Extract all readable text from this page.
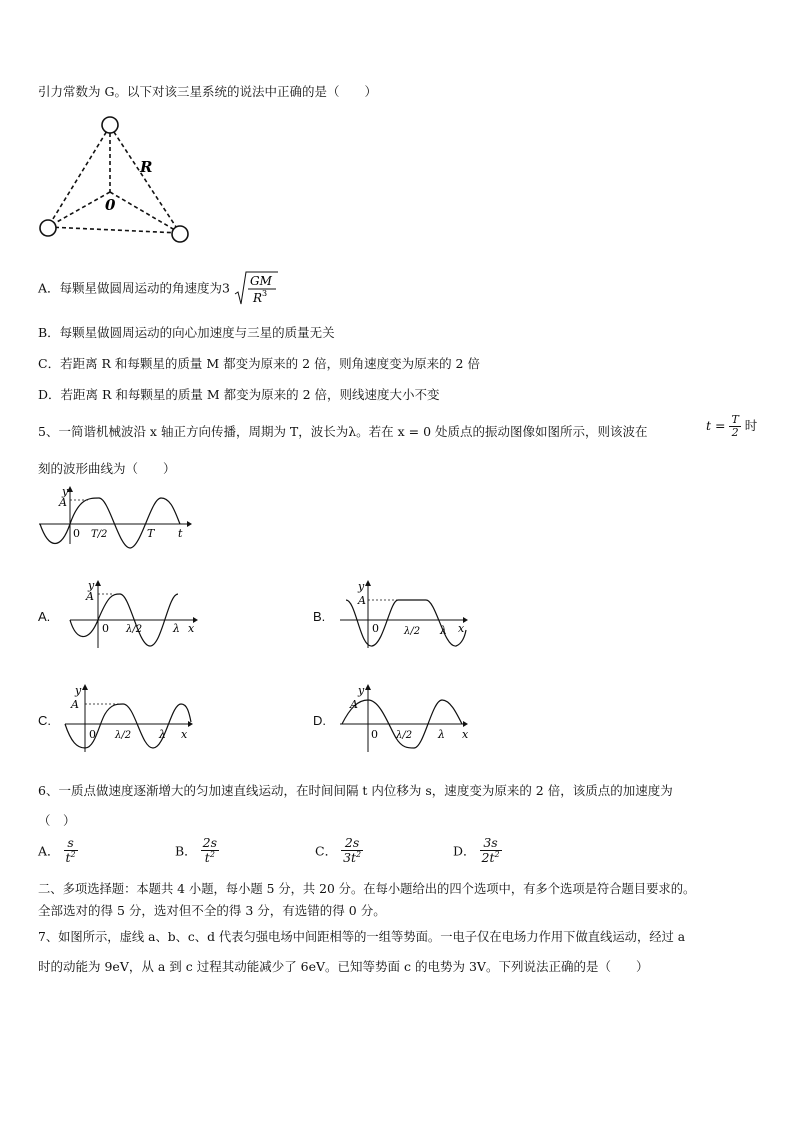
引力常数为 G。以下对该三星系统的说法中正确的是（　　）
R
0
A．每颗星做圆周运动的角速度为3 GM
R 3
B．每颗星做圆周运动的向心加速度与三星的质量无关
C．若距离 R 和每颗星的质量 M 都变为原来的 2 倍，则角速度变为原来的 2 倍
D．若距离 R 和每颗星的质量 M 都变为原来的 2 倍，则线速度大小不变
5、一简谐机械波沿 x 轴正方向传播，周期为 T，波长为λ。若在 x = 0 处质点的振动图像如图所示，则该波在	$t = \frac{T}{2}$ 时
刻的波形曲线为（　　）
y
A
0 T/2	T t
A.
y
A
0 λ/2	λ x
B.
y
A
0	λ/2 λ x
C.
y
A
0 λ/2	λ x
D.
y
A
0 λ/2 λ x
6、一质点做速度逐渐增大的匀加速直线运动，在时间间隔 t 内位移为 s，速度变为原来的 2 倍，该质点的加速度为
（　）
A． $\frac{s}{t^2}$	B． $\frac{2s}{t^2}$	C． $\frac{2s}{3t^2}$	D． $\frac{3s}{2t^2}$
二、多项选择题：本题共 4 小题，每小题 5 分，共 20 分。在每小题给出的四个选项中，有多个选项是符合题目要求的。
全部选对的得 5 分，选对但不全的得 3 分，有选错的得 0 分。
7、如图所示，虚线 a、b、c、d 代表匀强电场中间距相等的一组等势面。一电子仅在电场力作用下做直线运动，经过 a
时的动能为 9eV，从 a 到 c 过程其动能减少了 6eV。已知等势面 c 的电势为 3V。下列说法正确的是（　　）
